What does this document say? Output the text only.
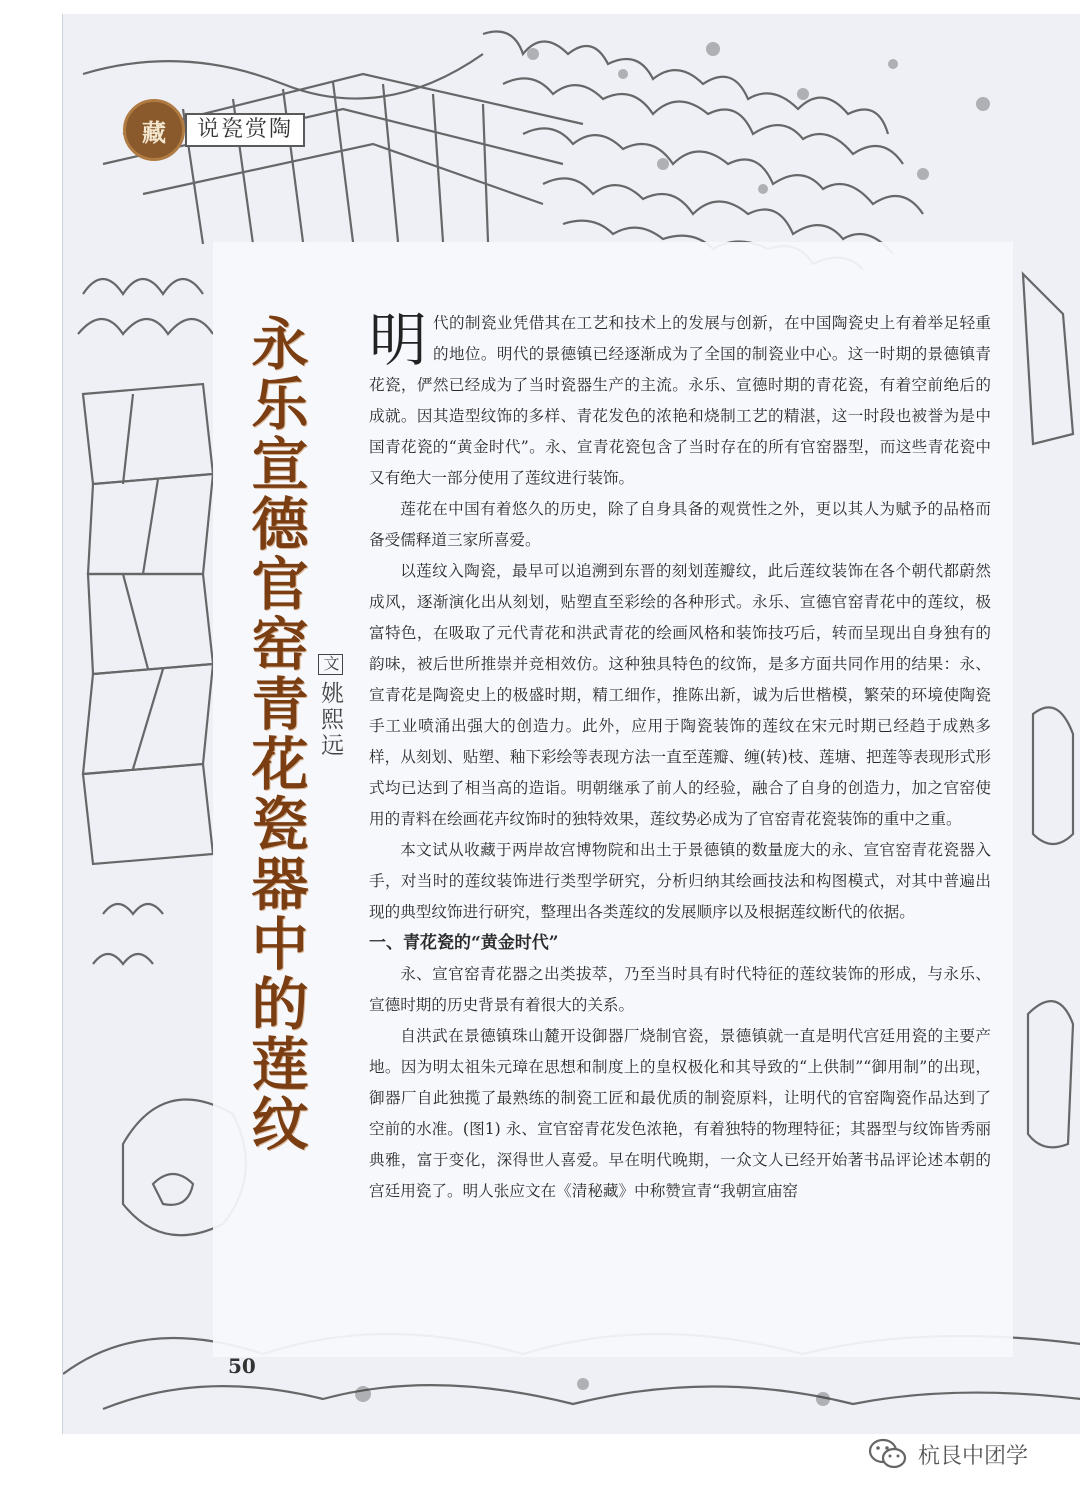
藏	说瓷赏陶
永乐宣德官窑青花瓷器中的莲纹 文姚熙远

明代的制瓷业凭借其在工艺和技术上的发展与创新，在中国陶瓷史上有着举足轻重的地位。明代的景德镇已经逐渐成为了全国的制瓷业中心。这一时期的景德镇青花瓷，俨然已经成为了当时瓷器生产的主流。永乐、宣德时期的青花瓷，有着空前绝后的成就。因其造型纹饰的多样、青花发色的浓艳和烧制工艺的精湛，这一时段也被誉为是中国青花瓷的“黄金时代”。永、宣青花瓷包含了当时存在的所有官窑器型，而这些青花瓷中又有绝大一部分使用了莲纹进行装饰。

莲花在中国有着悠久的历史，除了自身具备的观赏性之外，更以其人为赋予的品格而备受儒释道三家所喜爱。

以莲纹入陶瓷，最早可以追溯到东晋的刻划莲瓣纹，此后莲纹装饰在各个朝代都蔚然成风，逐渐演化出从刻划，贴塑直至彩绘的各种形式。永乐、宣德官窑青花中的莲纹，极富特色，在吸取了元代青花和洪武青花的绘画风格和装饰技巧后，转而呈现出自身独有的韵味，被后世所推崇并竞相效仿。这种独具特色的纹饰，是多方面共同作用的结果：永、宣青花是陶瓷史上的极盛时期，精工细作，推陈出新，诚为后世楷模，繁荣的环境使陶瓷手工业喷涌出强大的创造力。此外，应用于陶瓷装饰的莲纹在宋元时期已经趋于成熟多样，从刻划、贴塑、釉下彩绘等表现方法一直至莲瓣、缠(转)枝、莲塘、把莲等表现形式形式均已达到了相当高的造诣。明朝继承了前人的经验，融合了自身的创造力，加之官窑使用的青料在绘画花卉纹饰时的独特效果，莲纹势必成为了官窑青花瓷装饰的重中之重。

本文试从收藏于两岸故宫博物院和出土于景德镇的数量庞大的永、宣官窑青花瓷器入手，对当时的莲纹装饰进行类型学研究，分析归纳其绘画技法和构图模式，对其中普遍出现的典型纹饰进行研究，整理出各类莲纹的发展顺序以及根据莲纹断代的依据。

一、青花瓷的“黄金时代”

永、宣官窑青花器之出类拔萃，乃至当时具有时代特征的莲纹装饰的形成，与永乐、宣德时期的历史背景有着很大的关系。

自洪武在景德镇珠山麓开设御器厂烧制官瓷，景德镇就一直是明代宫廷用瓷的主要产地。因为明太祖朱元璋在思想和制度上的皇权极化和其导致的“上供制”“御用制”的出现，御器厂自此独揽了最熟练的制瓷工匠和最优质的制瓷原料，让明代的官窑陶瓷作品达到了空前的水准。(图1) 永、宣官窑青花发色浓艳，有着独特的物理特征；其器型与纹饰皆秀丽典雅，富于变化，深得世人喜爱。早在明代晚期，一众文人已经开始著书品评论述本朝的宫廷用瓷了。明人张应文在《清秘藏》中称赞宣青“我朝宣庙窑

50
杭艮中团学
